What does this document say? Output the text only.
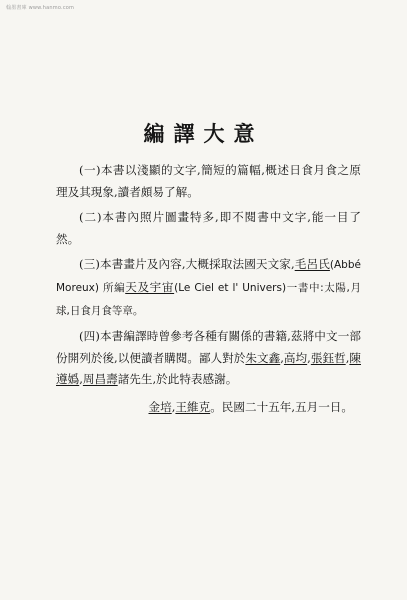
翰墨書庫 www.hanmo.com
編譯大意

(一)本書以淺顯的文字,簡短的篇幅,概述日食月食之原理及其現象,讀者頗易了解。

(二)本書內照片圖畫特多,即不閱書中文字,能一目了然。

(三)本書畫片及內容,大概採取法國天文家,毛呂氏(Abbé Moreux) 所編天及宇宙(Le Ciel et l' Univers)一書中:太陽,月球,日食月食等章。

(四)本書編譯時曾參考各種有關係的書籍,茲將中文一部份開列於後,以便讀者購閱。鄙人對於朱文鑫,高均,張鈺哲,陳遵嬀,周昌壽諸先生,於此特表感謝。

金培,王維克。民國二十五年,五月一日。
